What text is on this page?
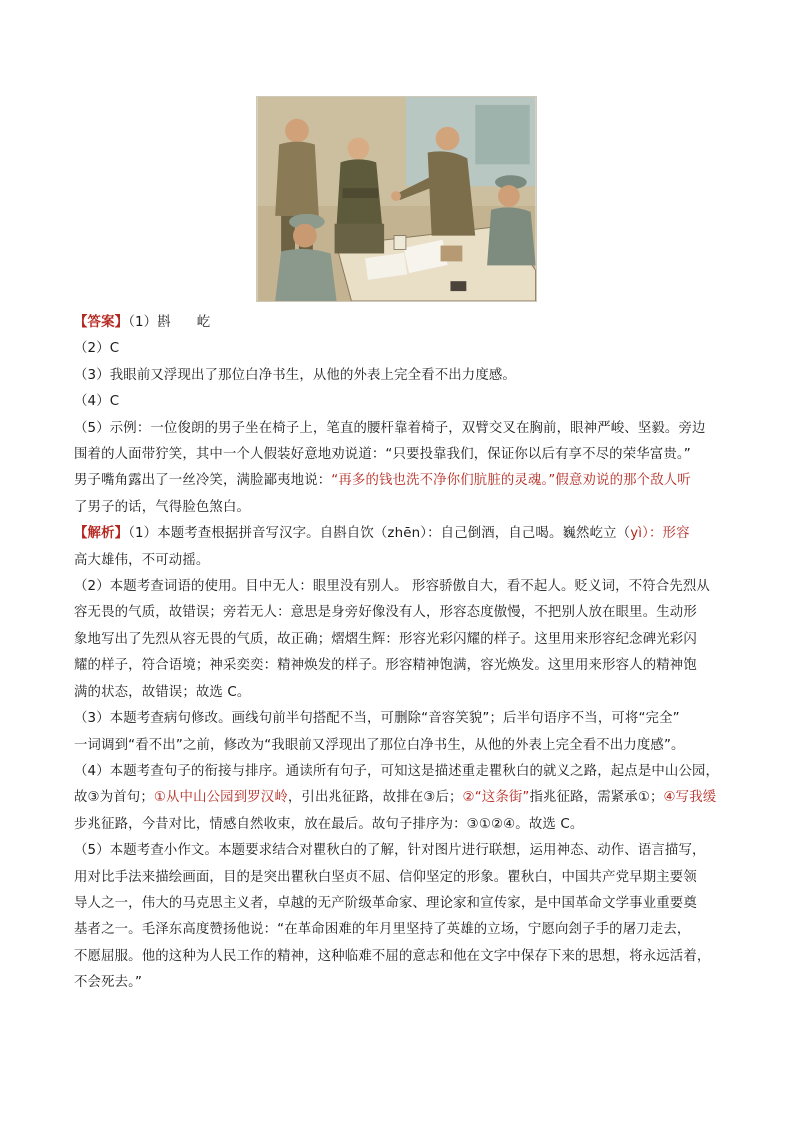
【答案】（1）斟 屹
（2）C
（3）我眼前又浮现出了那位白净书生，从他的外表上完全看不出力度感。
（4）C
（5）示例：一位俊朗的男子坐在椅子上，笔直的腰杆靠着椅子，双臂交叉在胸前，眼神严峻、坚毅。旁边
围着的人面带狞笑，其中一个人假装好意地劝说道：“只要投靠我们，保证你以后有享不尽的荣华富贵。”
男子嘴角露出了一丝冷笑，满脸鄙夷地说：“再多的钱也洗不净你们肮脏的灵魂。”假意劝说的那个敌人听
了男子的话，气得脸色煞白。
【解析】（1）本题考查根据拼音写汉字。自斟自饮（zhēn）：自己倒酒，自己喝。巍然屹立（yì）：形容
高大雄伟，不可动摇。
（2）本题考查词语的使用。目中无人：眼里没有别人。 形容骄傲自大，看不起人。贬义词，不符合先烈从
容无畏的气质，故错误；旁若无人：意思是身旁好像没有人，形容态度傲慢，不把别人放在眼里。生动形
象地写出了先烈从容无畏的气质，故正确；熠熠生辉：形容光彩闪耀的样子。这里用来形容纪念碑光彩闪
耀的样子，符合语境；神采奕奕：精神焕发的样子。形容精神饱满，容光焕发。这里用来形容人的精神饱
满的状态，故错误；故选 C。
（3）本题考查病句修改。画线句前半句搭配不当，可删除“音容笑貌”；后半句语序不当，可将“完全”
一词调到“看不出”之前，修改为“我眼前又浮现出了那位白净书生，从他的外表上完全看不出力度感”。
（4）本题考查句子的衔接与排序。通读所有句子，可知这是描述重走瞿秋白的就义之路，起点是中山公园，
故③为首句；①从中山公园到罗汉岭，引出兆征路，故排在③后；②“这条街”指兆征路，需紧承①；④写我缓
步兆征路，今昔对比，情感自然收束，放在最后。故句子排序为：③①②④。故选 C。
（5）本题考查小作文。本题要求结合对瞿秋白的了解，针对图片进行联想，运用神态、动作、语言描写，
用对比手法来描绘画面，目的是突出瞿秋白坚贞不屈、信仰坚定的形象。瞿秋白，中国共产党早期主要领
导人之一，伟大的马克思主义者，卓越的无产阶级革命家、理论家和宣传家，是中国革命文学事业重要奠
基者之一。毛泽东高度赞扬他说：“在革命困难的年月里坚持了英雄的立场，宁愿向刽子手的屠刀走去，
不愿屈服。他的这种为人民工作的精神，这种临难不屈的意志和他在文字中保存下来的思想，将永远活着，
不会死去。”
